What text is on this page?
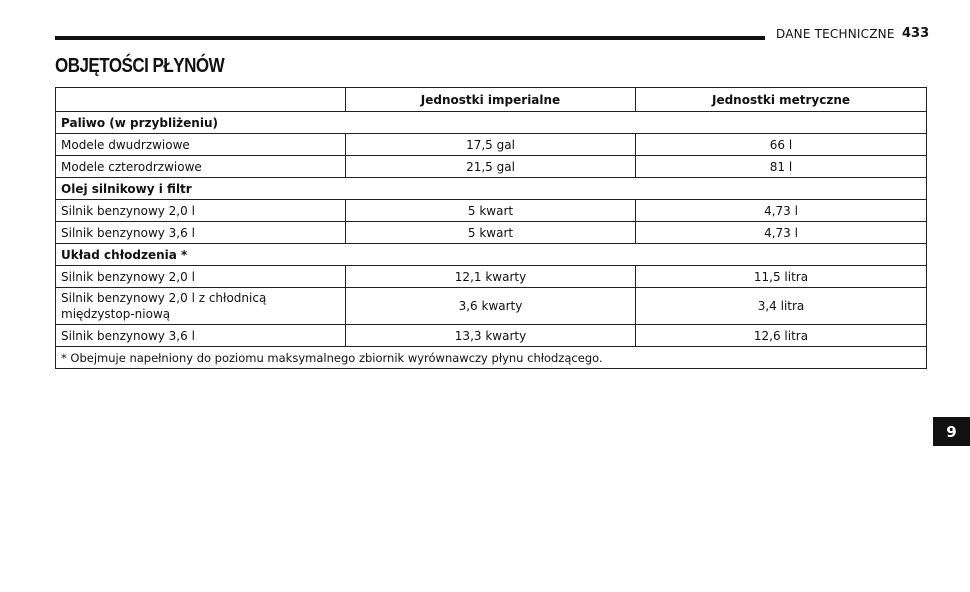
DANE TECHNICZNE 433
OBJĘTOŚCI PŁYNÓW
	Jednostki imperialne	Jednostki metryczne
Paliwo (w przybliżeniu)		
Modele dwudrzwiowe	17,5 gal	66 l
Modele czterodrzwiowe	21,5 gal	81 l
Olej silnikowy i filtr		
Silnik benzynowy 2,0 l	5 kwart	4,73 l
Silnik benzynowy 3,6 l	5 kwart	4,73 l
Układ chłodzenia *		
Silnik benzynowy 2,0 l	12,1 kwarty	11,5 litra
Silnik benzynowy 2,0 l z chłodnicą międzystop-niową	3,6 kwarty	3,4 litra
Silnik benzynowy 3,6 l	13,3 kwarty	12,6 litra
* Obejmuje napełniony do poziomu maksymalnego zbiornik wyrównawczy płynu chłodzącego.		
9
